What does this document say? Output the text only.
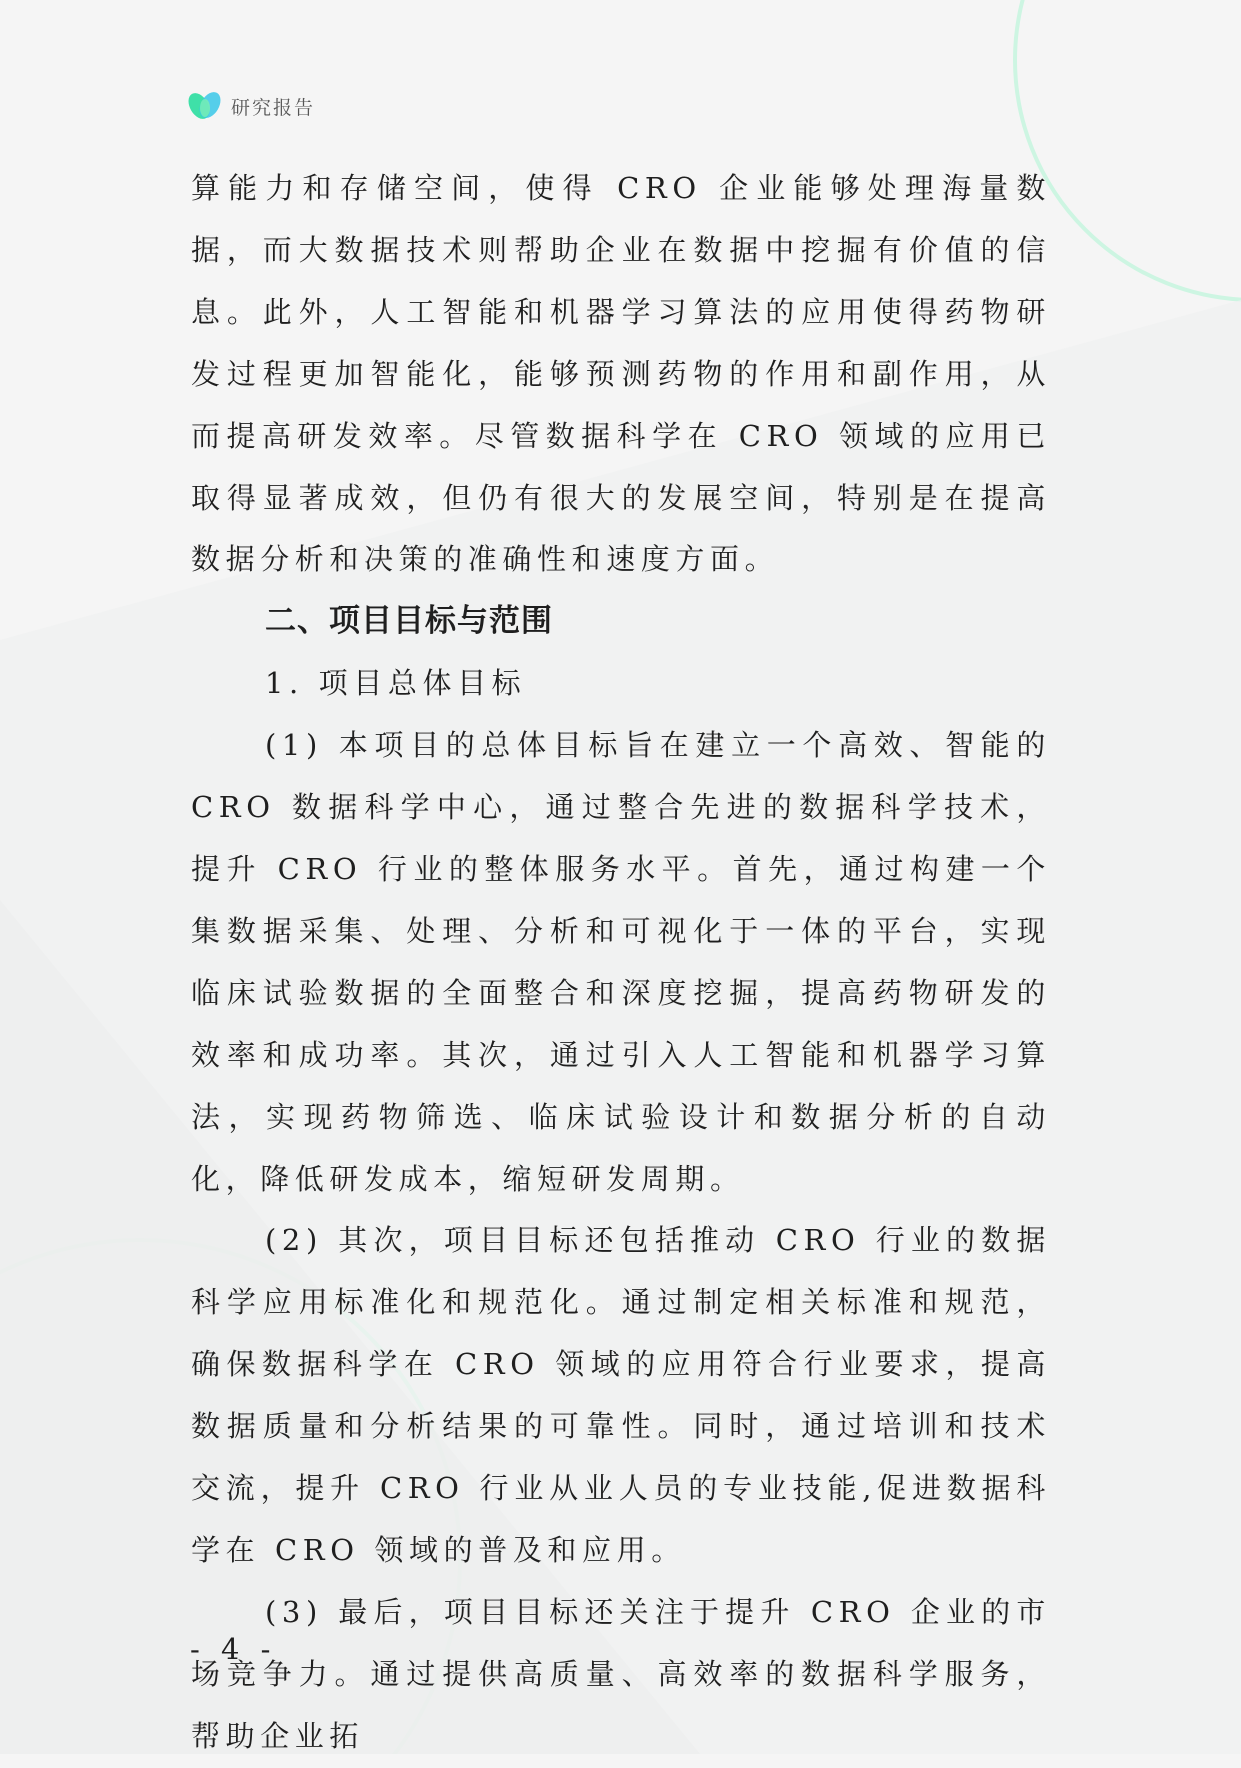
研究报告

算能力和存储空间，使得 CRO 企业能够处理海量数据，而大数据技术则帮助企业在数据中挖掘有价值的信息。此外，人工智能和机器学习算法的应用使得药物研发过程更加智能化，能够预测药物的作用和副作用，从而提高研发效率。尽管数据科学在 CRO 领域的应用已取得显著成效，但仍有很大的发展空间，特别是在提高数据分析和决策的准确性和速度方面。

二、项目目标与范围
1. 项目总体目标

(1) 本项目的总体目标旨在建立一个高效、智能的 CRO 数据科学中心，通过整合先进的数据科学技术，提升 CRO 行业的整体服务水平。首先，通过构建一个集数据采集、处理、分析和可视化于一体的平台，实现临床试验数据的全面整合和深度挖掘，提高药物研发的效率和成功率。其次，通过引入人工智能和机器学习算法，实现药物筛选、临床试验设计和数据分析的自动化，降低研发成本，缩短研发周期。

(2) 其次，项目目标还包括推动 CRO 行业的数据科学应用标准化和规范化。通过制定相关标准和规范，确保数据科学在 CRO 领域的应用符合行业要求，提高数据质量和分析结果的可靠性。同时，通过培训和技术交流，提升 CRO 行业从业人员的专业技能,促进数据科学在 CRO 领域的普及和应用。

(3) 最后，项目目标还关注于提升 CRO 企业的市场竞争力。通过提供高质量、高效率的数据科学服务，帮助企业拓

- 4 -
